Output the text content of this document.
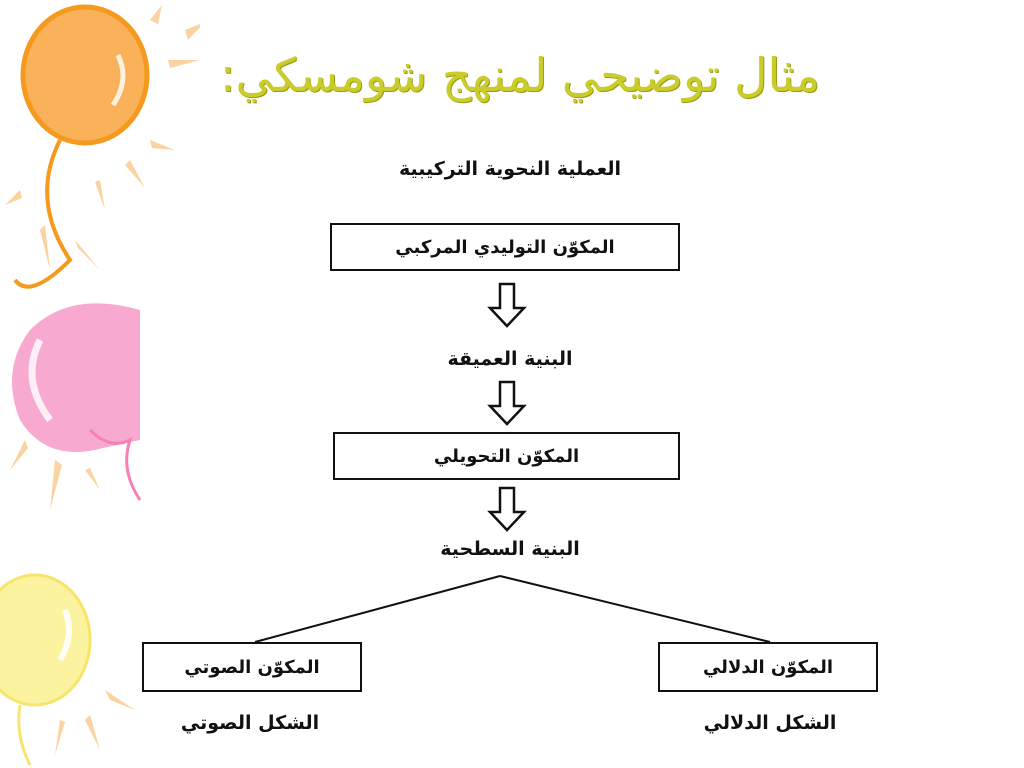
مثال توضيحي لمنهج شومسكي:
العملية النحوية التركيبية
المكوّن التوليدي المركبي
البنية العميقة
المكوّن التحويلي
البنية السطحية
المكوّن الصوتي	المكوّن الدلالي
الشكل الصوتي	الشكل الدلالي
